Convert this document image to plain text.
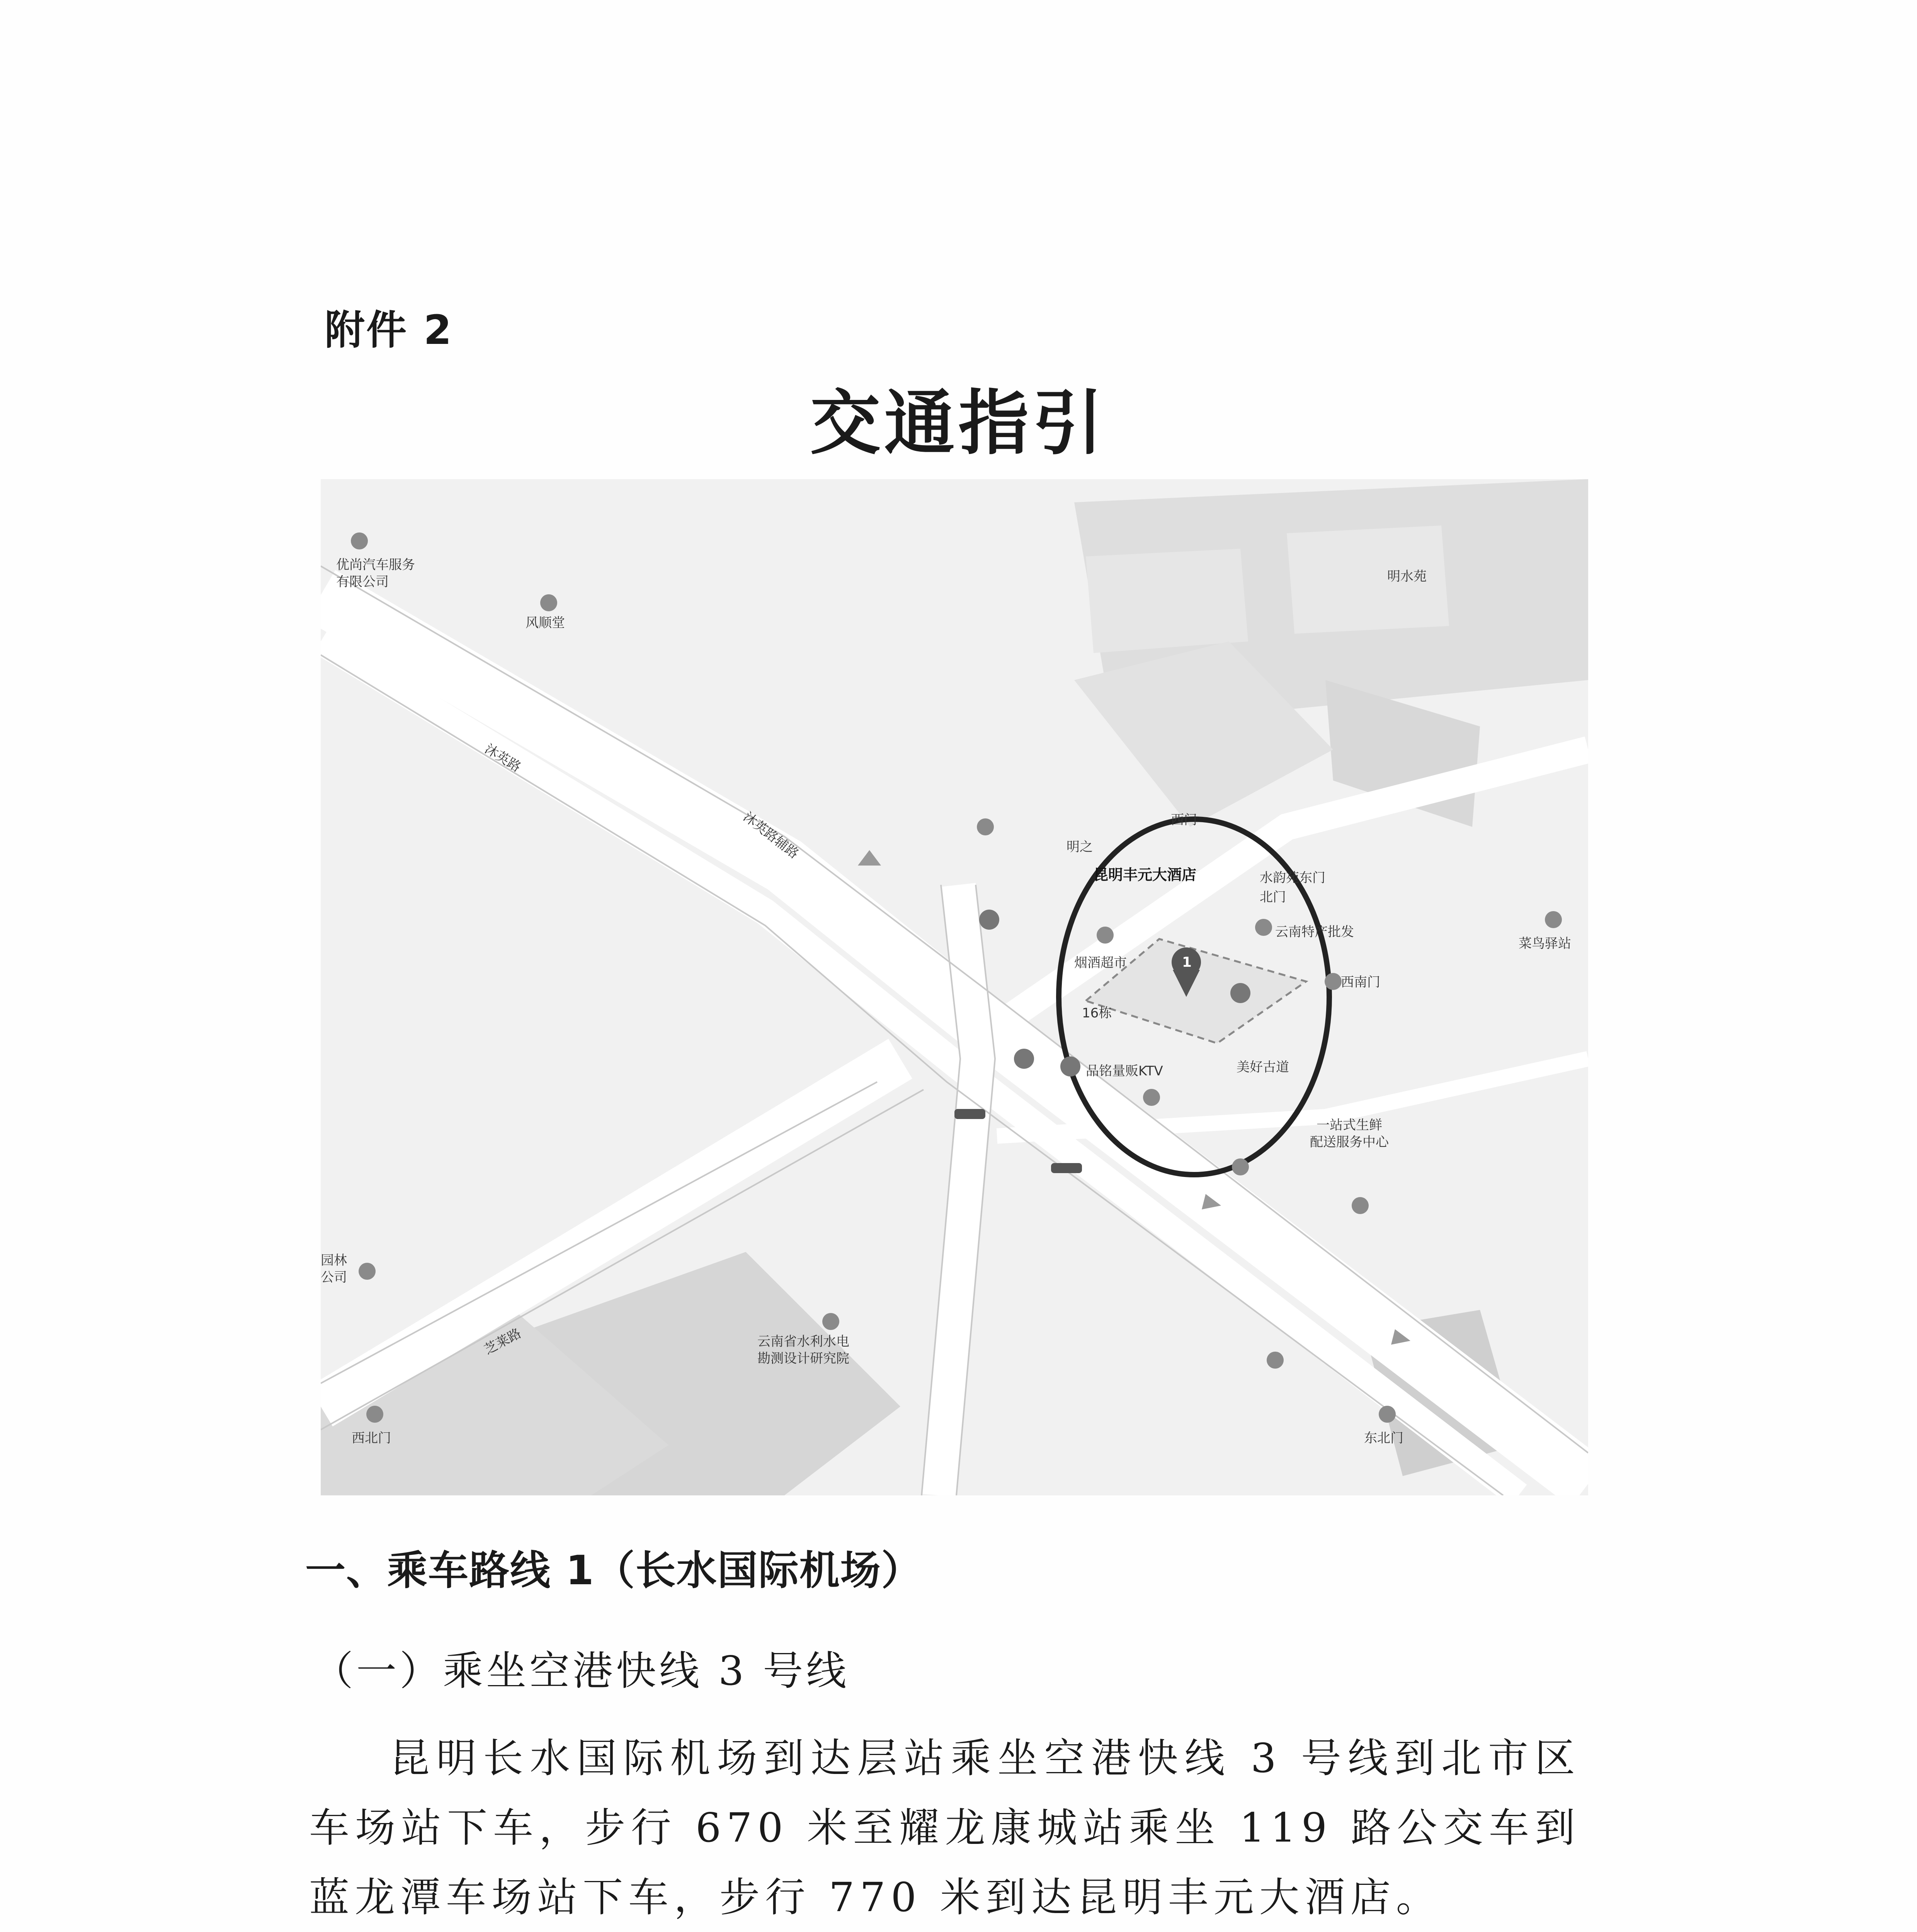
附件 2
交通指引
优尚汽车服务
有限公司
风顺堂
沐英路
沐英路辅路
明水苑
西门
明之
昆明丰元大酒店	水韵苑东门
北门
云南特产批发
菜鸟驿站
烟酒超市
西南门
16栋
品铭量贩KTV	美好古道
一站式生鲜
配送服务中心
园林
公司
云南省水利水电
勘测设计研究院
芝莱路
西北门	东北门
1
一、乘车路线 1（长水国际机场）
（一）乘坐空港快线 3 号线

昆明长水国际机场到达层站乘坐空港快线 3 号线到北市区车场站下车，步行 670 米至耀龙康城站乘坐 119 路公交车到蓝龙潭车场站下车，步行 770 米到达昆明丰元大酒店。
